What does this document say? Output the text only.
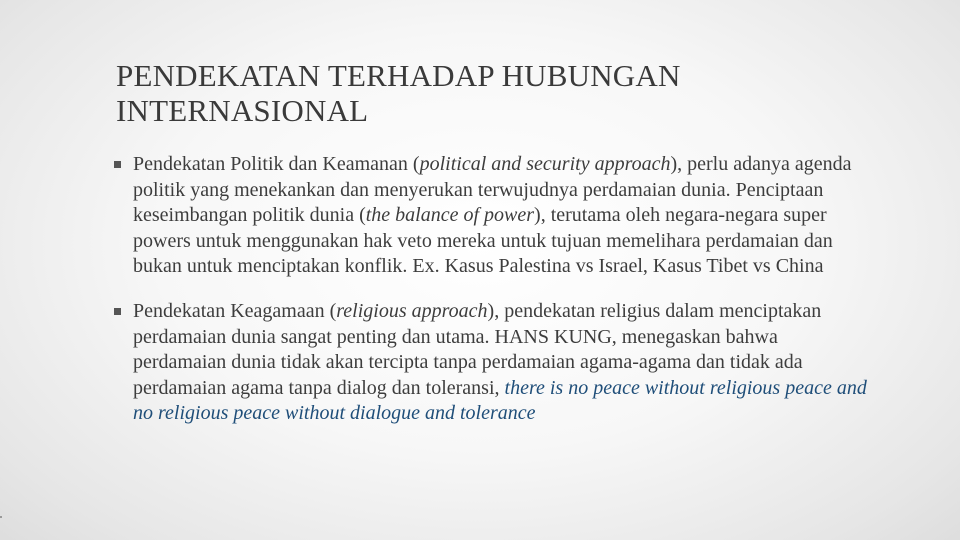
PENDEKATAN TERHADAP HUBUNGAN
INTERNASIONAL
Pendekatan Politik dan Keamanan (political and security approach), perlu adanya agenda politik yang menekankan dan menyerukan terwujudnya perdamaian dunia. Penciptaan keseimbangan politik dunia (the balance of power), terutama oleh negara-negara super powers untuk menggunakan hak veto mereka untuk tujuan memelihara perdamaian dan bukan untuk menciptakan konflik. Ex. Kasus Palestina vs Israel, Kasus Tibet vs China
Pendekatan Keagamaan (religious approach), pendekatan religius dalam menciptakan perdamaian dunia sangat penting dan utama. HANS KUNG, menegaskan bahwa perdamaian dunia tidak akan tercipta tanpa perdamaian agama-agama dan tidak ada perdamaian agama tanpa dialog dan toleransi, there is no peace without religious peace and no religious peace without dialogue and tolerance
